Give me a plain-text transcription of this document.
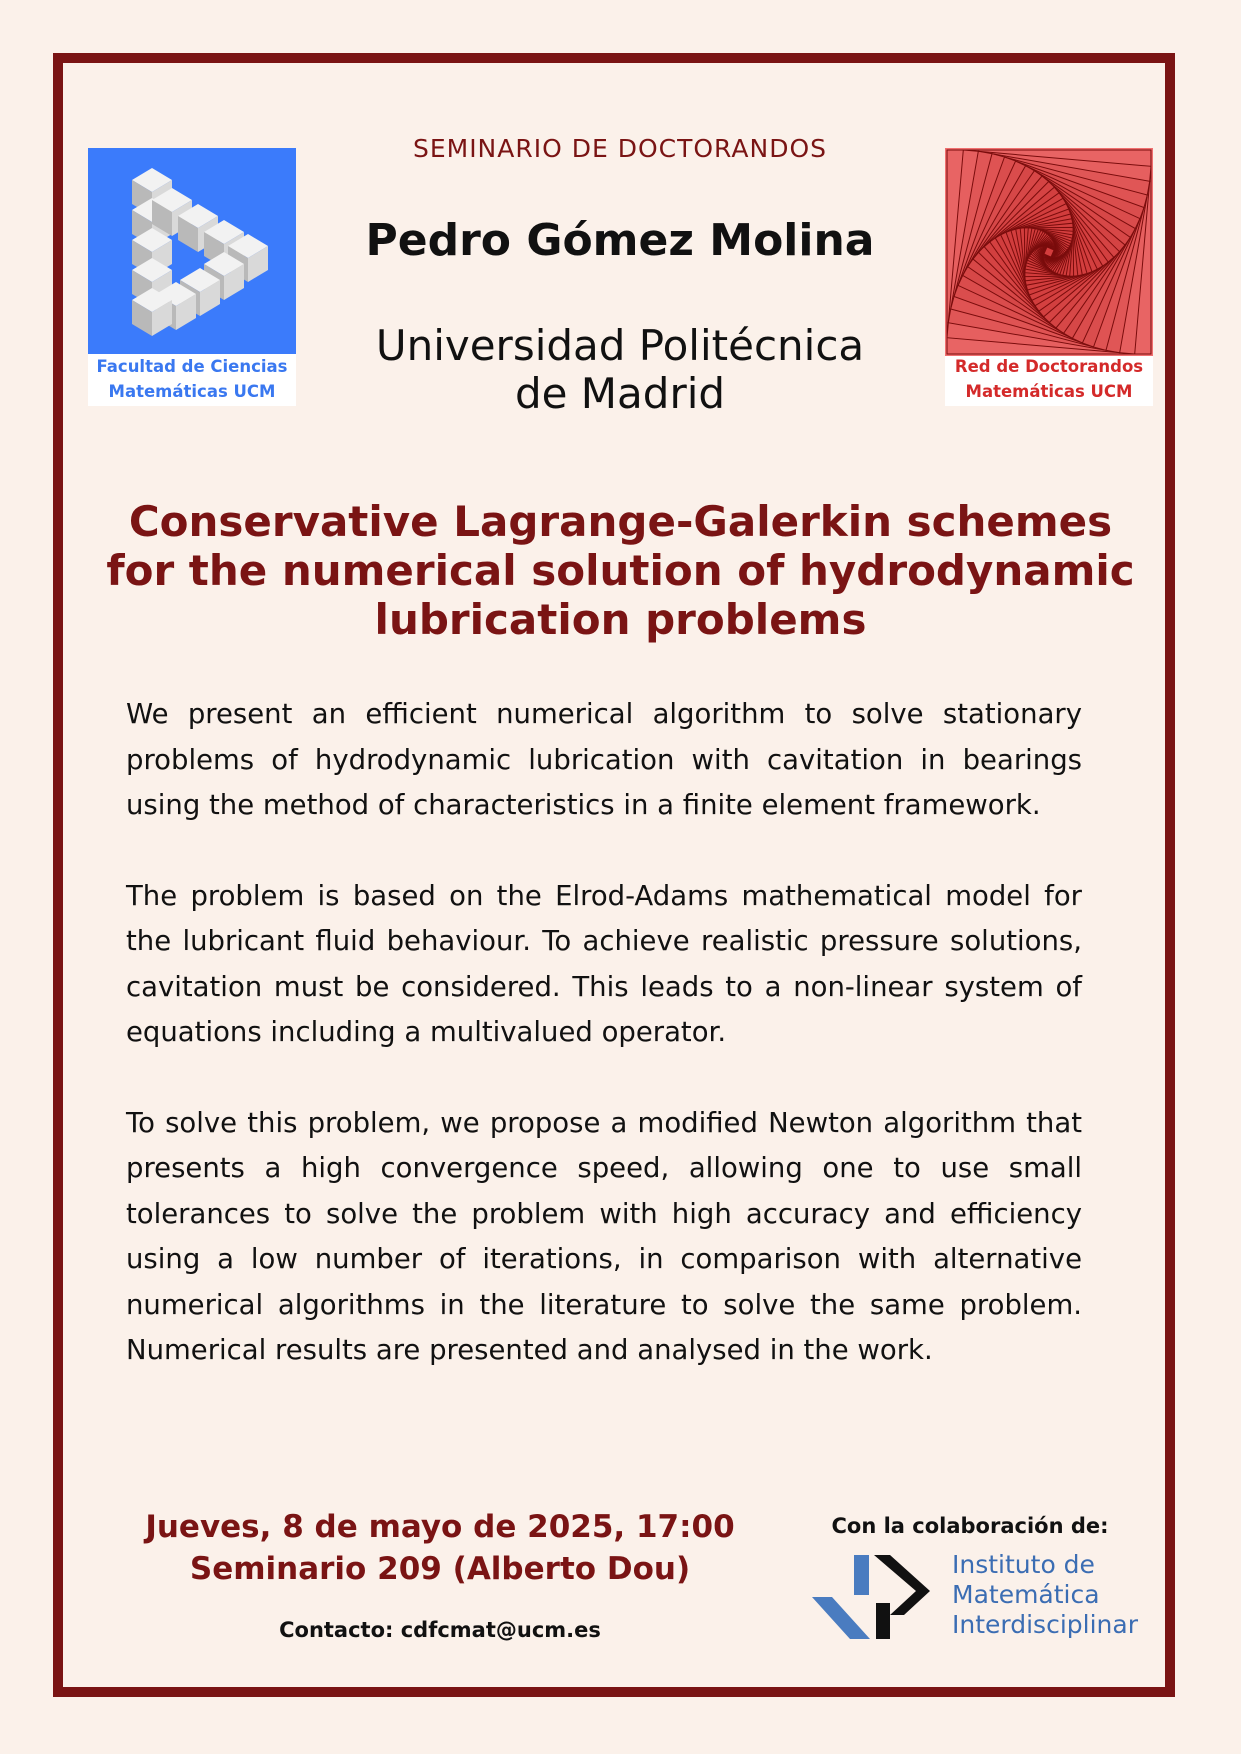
Facultad de Ciencias
Matemáticas UCM
Red de Doctorandos
Matemáticas UCM
SEMINARIO DE DOCTORANDOS
Pedro Gómez Molina
Universidad Politécnica
de Madrid
Conservative Lagrange-Galerkin schemes for the numerical solution of hydrodynamic lubrication problems

We present an efficient numerical algorithm to solve stationary problems of hydrodynamic lubrication with cavitation in bearings using the method of characteristics in a finite element framework.

The problem is based on the Elrod-Adams mathematical model for the lubricant fluid behaviour. To achieve realistic pressure solutions, cavitation must be considered. This leads to a non-linear system of equations including a multivalued operator.

To solve this problem, we propose a modified Newton algorithm that presents a high convergence speed, allowing one to use small tolerances to solve the problem with high accuracy and efficiency using a low number of iterations, in comparison with alternative numerical algorithms in the literature to solve the same problem. Numerical results are presented and analysed in the work.

Jueves, 8 de mayo de 2025, 17:00
Seminario 209 (Alberto Dou)
Contacto: cdfcmat@ucm.es
Con la colaboración de:
Instituto de
Matemática
Interdisciplinar
